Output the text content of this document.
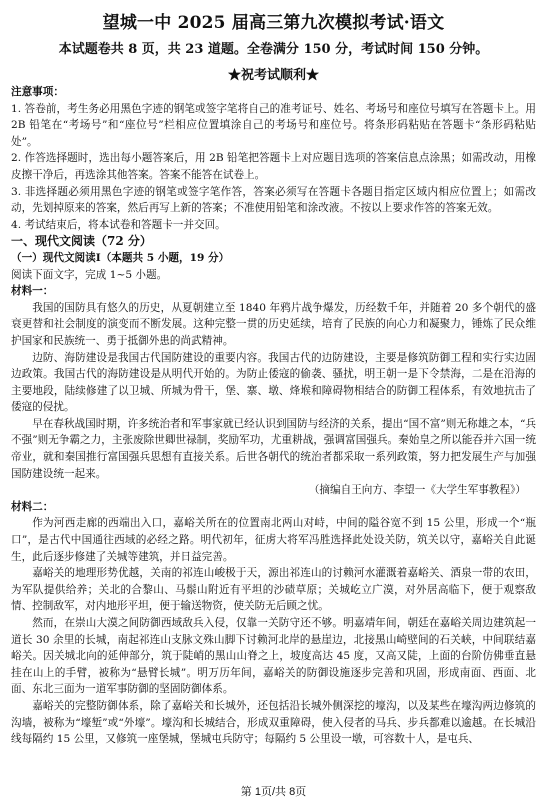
望城一中 2025 届高三第九次模拟考试·语文
本试题卷共 8 页，共 23 道题。全卷满分 150 分，考试时间 150 分钟。
★祝考试顺利★

注意事项：

1. 答卷前，考生务必用黑色字迹的钢笔或签字笔将自己的准考证号、姓名、考场号和座位号填写在答题卡上。用 2B 铅笔在“考场号”和“座位号”栏相应位置填涂自己的考场号和座位号。将条形码粘贴在答题卡“条形码粘贴处”。

2. 作答选择题时，选出每小题答案后，用 2B 铅笔把答题卡上对应题目选项的答案信息点涂黑；如需改动，用橡皮擦干净后，再选涂其他答案。答案不能答在试卷上。

3. 非选择题必须用黑色字迹的钢笔或签字笔作答，答案必须写在答题卡各题目指定区域内相应位置上；如需改动，先划掉原来的答案，然后再写上新的答案；不准使用铅笔和涂改液。不按以上要求作答的答案无效。

4. 考试结束后，将本试卷和答题卡一并交回。

一、现代文阅读（72 分）

（一）现代文阅读Ⅰ（本题共 5 小题，19 分）

阅读下面文字，完成 1~5 小题。

材料一：

我国的国防具有悠久的历史，从夏朝建立至 1840 年鸦片战争爆发，历经数千年，并随着 20 多个朝代的盛衰更替和社会制度的演变而不断发展。这种完整一贯的历史延续，培育了民族的向心力和凝聚力，锤炼了民众维护国家和民族统一、勇于抵御外患的尚武精神。

边防、海防建设是我国古代国防建设的重要内容。我国古代的边防建设，主要是修筑防御工程和实行实边固边政策。我国古代的海防建设是从明代开始的。为防止倭寇的偷袭、骚扰，明王朝一是下令禁海，二是在沿海的主要地段，陆续修建了以卫城、所城为骨干，堡、寨、墩、烽堠和障碍物相结合的防御工程体系，有效地抗击了倭寇的侵扰。

早在春秋战国时期，许多统治者和军事家就已经认识到国防与经济的关系，提出“国不富”则无称雄之本，“兵不强”则无争霸之力，主张废除世卿世禄制，奖励军功，尤重耕战，强调富国强兵。秦始皇之所以能吞并六国一统帝业，就和秦国推行富国强兵思想有直接关系。后世各朝代的统治者都采取一系列政策，努力把发展生产与加强国防建设统一起来。

（摘编自王向方、李望一《大学生军事教程》）

材料二：

作为河西走廊的西端出入口，嘉峪关所在的位置南北两山对峙，中间的隘谷宽不到 15 公里，形成一个“瓶口”，是古代中国通往西域的必经之路。明代初年，征虏大将军冯胜选择此处设关防，筑关以守，嘉峪关自此诞生，此后逐步修建了关城等建筑，并日益完善。

嘉峪关的地理形势优越，关南的祁连山峻极于天，源出祁连山的讨赖河水灌溉着嘉峪关、酒泉一带的农田，为军队提供给养；关北的合黎山、马鬃山附近有平坦的沙碛草原；关城屹立广漠，对外居高临下，便于观察敌情、控制敌军，对内地形平坦，便于输送物资，使关防无后顾之忧。

然而，在崇山大漠之间防御西域敌兵入侵，仅靠一关防守还不够。明嘉靖年间，朝廷在嘉峪关周边建筑起一道长 30 余里的长城，南起祁连山支脉文殊山脚下讨赖河北岸的悬崖边，北接黑山崎壁间的石关峡，中间联结嘉峪关。因关城北向的延伸部分，筑于陡峭的黑山山脊之上，坡度高达 45 度，又高又陡，上面的台阶仿佛垂直悬挂在山上的手臂，被称为“悬臂长城”。明万历年间，嘉峪关的防御设施逐步完善和巩固，形成南面、西面、北面、东北三面为一道军事防御的坚固防御体系。

嘉峪关的完整防御体系，除了嘉峪关和长城外，还包括沿长城外侧深挖的壕沟，以及某些在壕沟两边修筑的沟墙，被称为“壕堑”或“外壕”。壕沟和长城结合，形成双重障碍，使入侵者的马兵、步兵都难以逾越。在长城沿线每隔约 15 公里，又修筑一座堡城，堡城屯兵防守；每隔约 5 公里设一墩，可容数十人，是屯兵、

第 1页/共 8页
